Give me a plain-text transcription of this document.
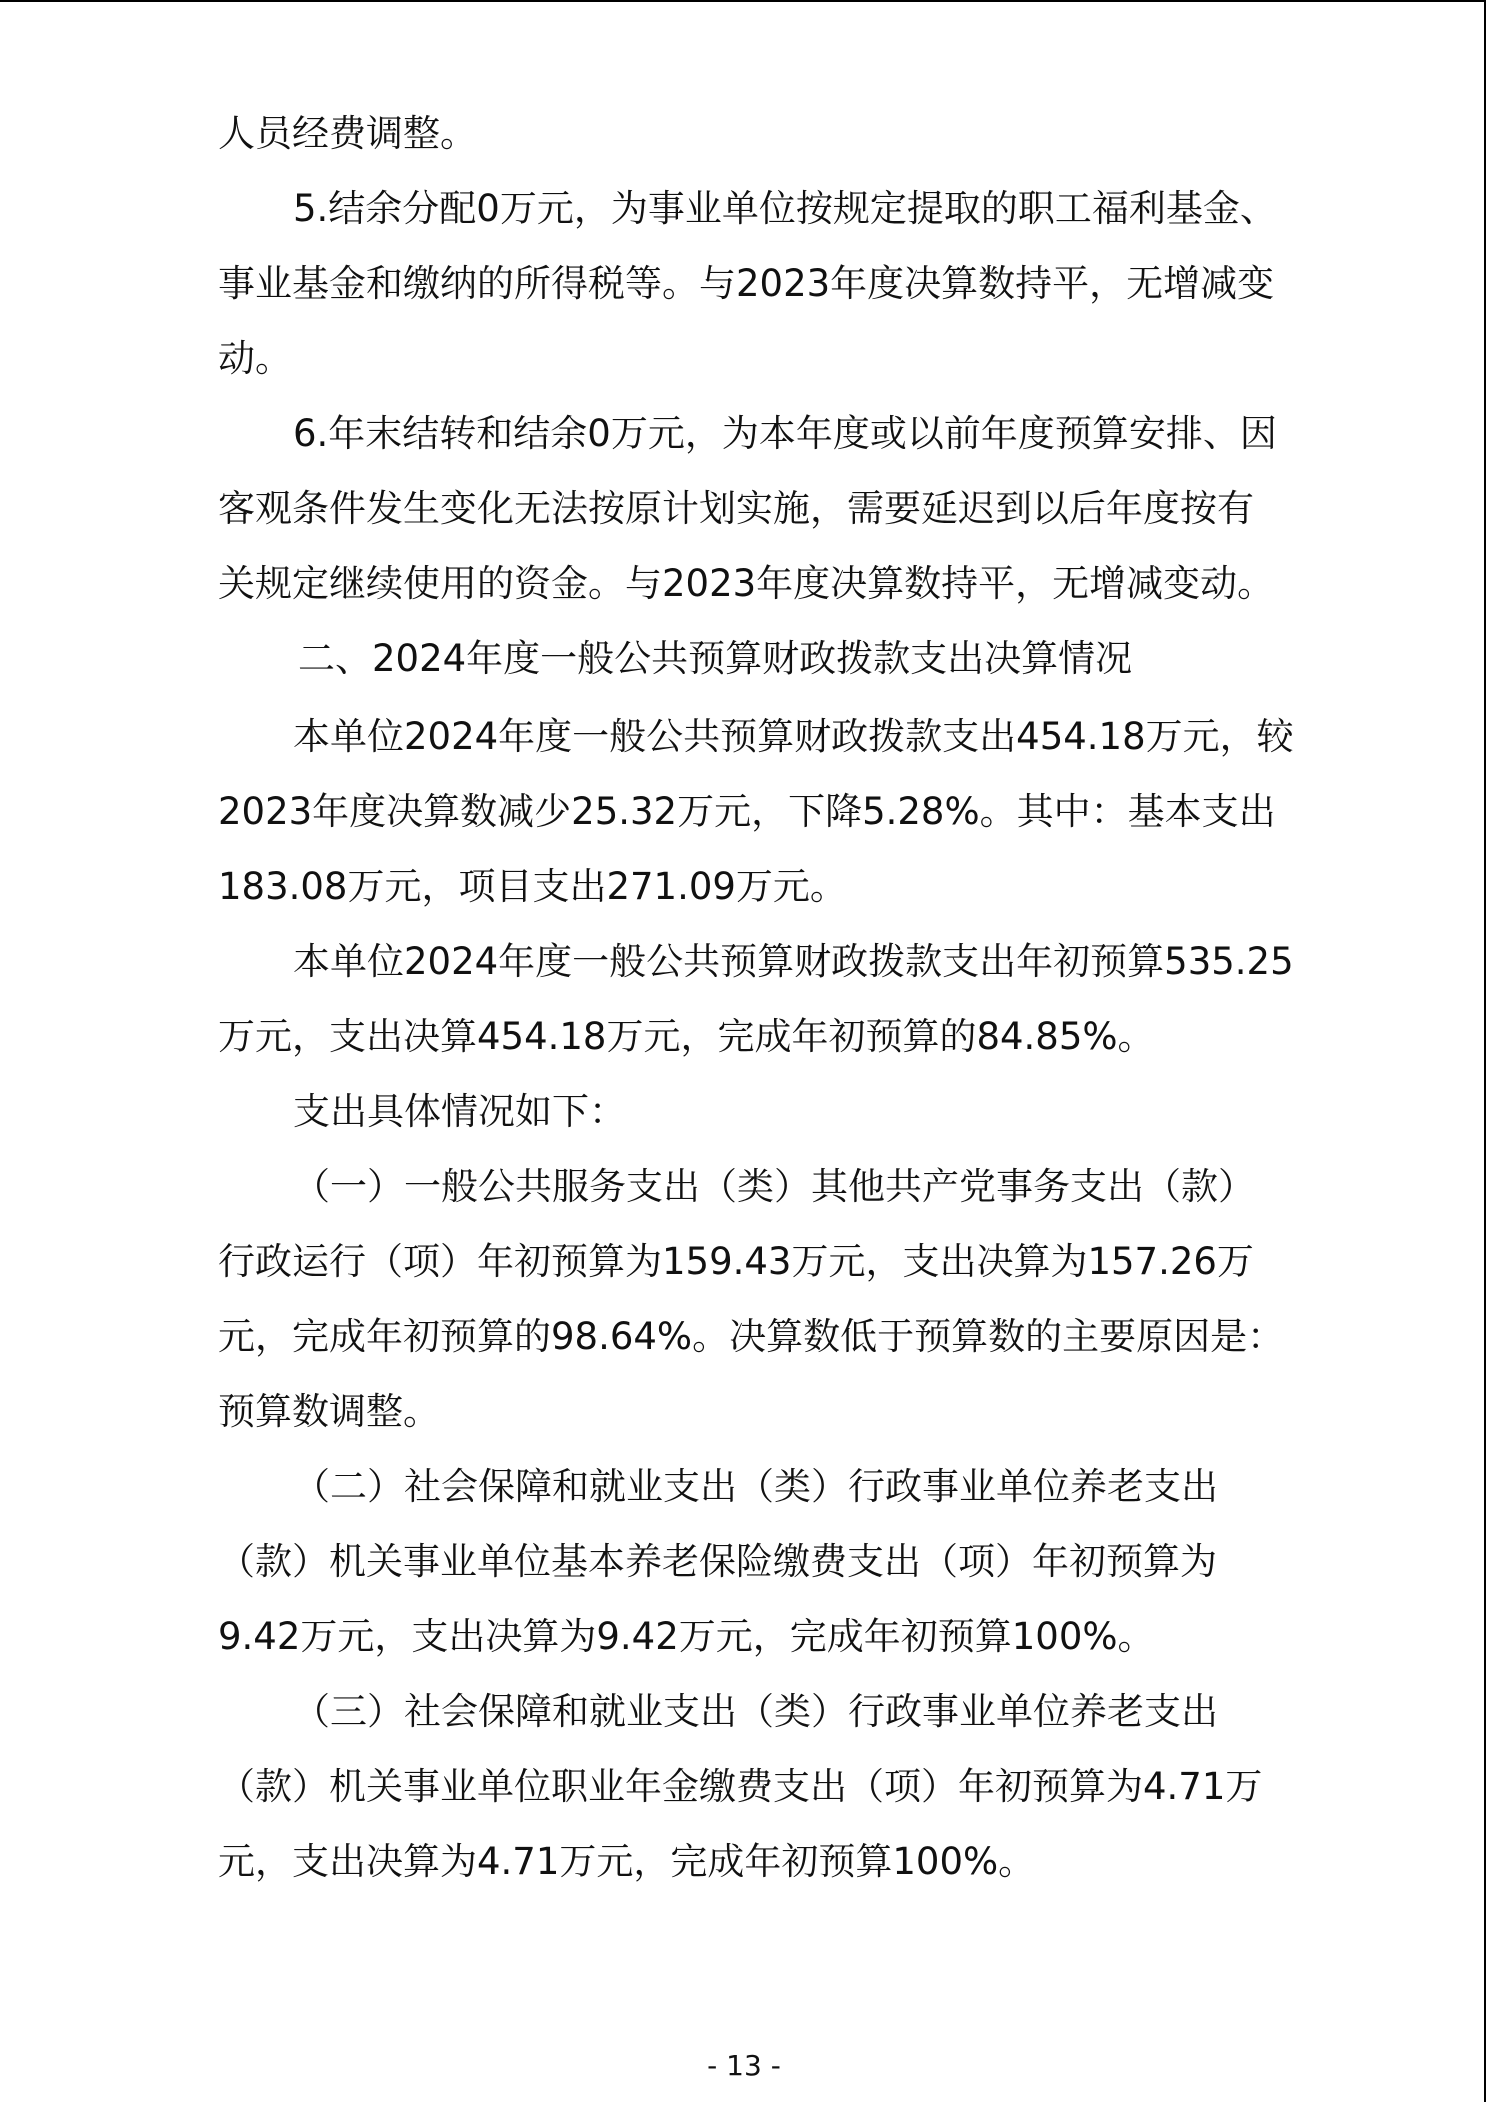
人员经费调整。

5.结余分配0万元，为事业单位按规定提取的职工福利基金、

事业基金和缴纳的所得税等。与2023年度决算数持平，无增减变

动。

6.年末结转和结余0万元，为本年度或以前年度预算安排、因

客观条件发生变化无法按原计划实施，需要延迟到以后年度按有

关规定继续使用的资金。与2023年度决算数持平，无增减变动。

二、2024年度一般公共预算财政拨款支出决算情况

本单位2024年度一般公共预算财政拨款支出454.18万元，较

2023年度决算数减少25.32万元，下降5.28%。其中：基本支出

183.08万元，项目支出271.09万元。

本单位2024年度一般公共预算财政拨款支出年初预算535.25

万元，支出决算454.18万元，完成年初预算的84.85%。

支出具体情况如下：

（一）一般公共服务支出（类）其他共产党事务支出（款）

行政运行（项）年初预算为159.43万元，支出决算为157.26万

元，完成年初预算的98.64%。决算数低于预算数的主要原因是：

预算数调整。

（二）社会保障和就业支出（类）行政事业单位养老支出

（款）机关事业单位基本养老保险缴费支出（项）年初预算为

9.42万元，支出决算为9.42万元，完成年初预算100%。

（三）社会保障和就业支出（类）行政事业单位养老支出

（款）机关事业单位职业年金缴费支出（项）年初预算为4.71万

元，支出决算为4.71万元，完成年初预算100%。

- 13 -
